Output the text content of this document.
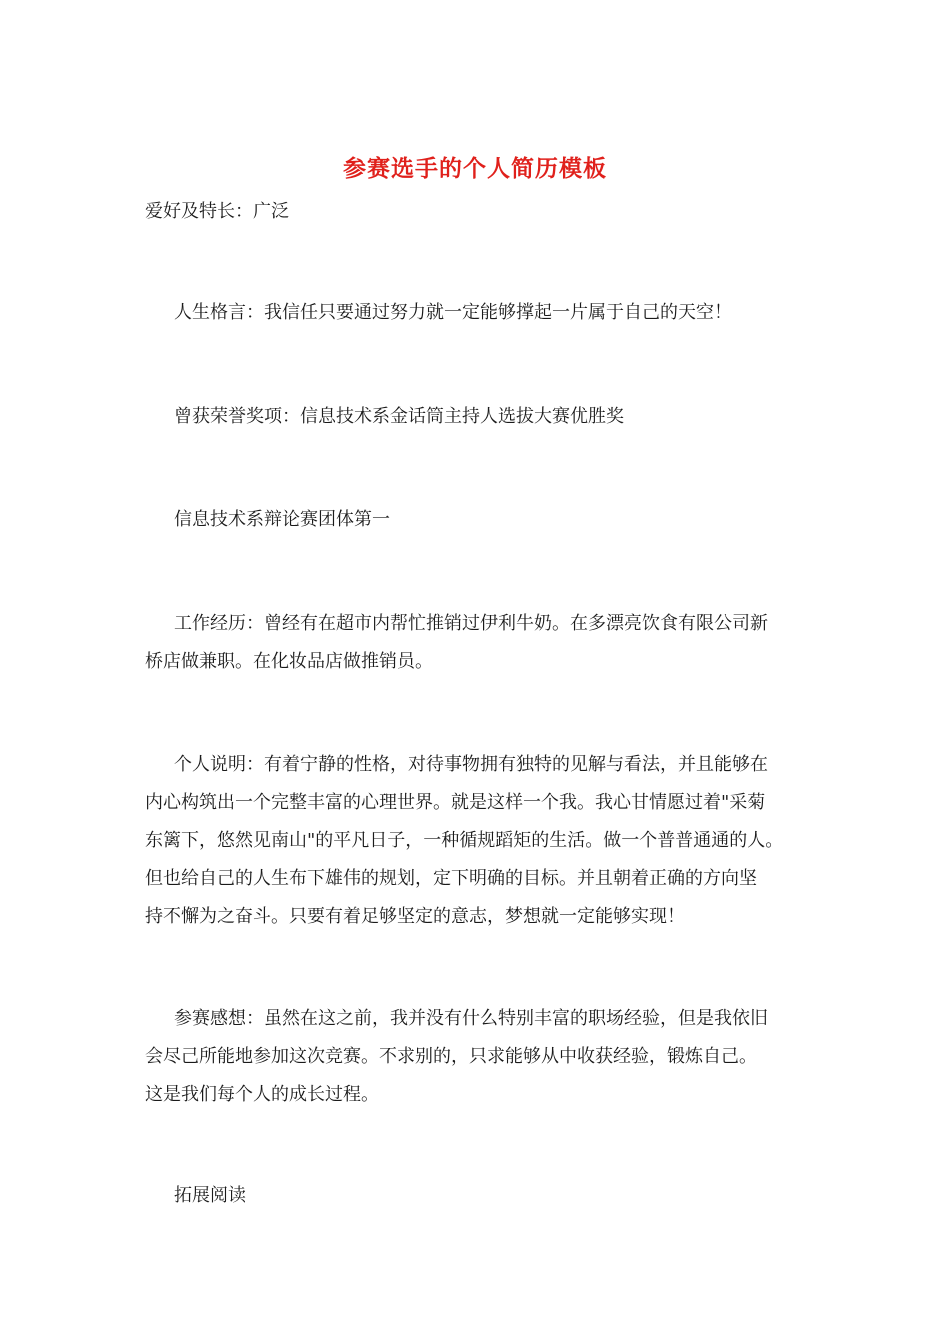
参赛选手的个人简历模板

爱好及特长：广泛

人生格言：我信任只要通过努力就一定能够撑起一片属于自己的天空！

曾获荣誉奖项：信息技术系金话筒主持人选拔大赛优胜奖

信息技术系辩论赛团体第一

工作经历：曾经有在超市内帮忙推销过伊利牛奶。在多漂亮饮食有限公司新

桥店做兼职。在化妆品店做推销员。

个人说明：有着宁静的性格，对待事物拥有独特的见解与看法，并且能够在

内心构筑出一个完整丰富的心理世界。就是这样一个我。我心甘情愿过着"采菊

东篱下，悠然见南山"的平凡日子，一种循规蹈矩的生活。做一个普普通通的人。

但也给自己的人生布下雄伟的规划，定下明确的目标。并且朝着正确的方向坚

持不懈为之奋斗。只要有着足够坚定的意志，梦想就一定能够实现！

参赛感想：虽然在这之前，我并没有什么特别丰富的职场经验，但是我依旧

会尽己所能地参加这次竞赛。不求别的，只求能够从中收获经验，锻炼自己。

这是我们每个人的成长过程。

拓展阅读
